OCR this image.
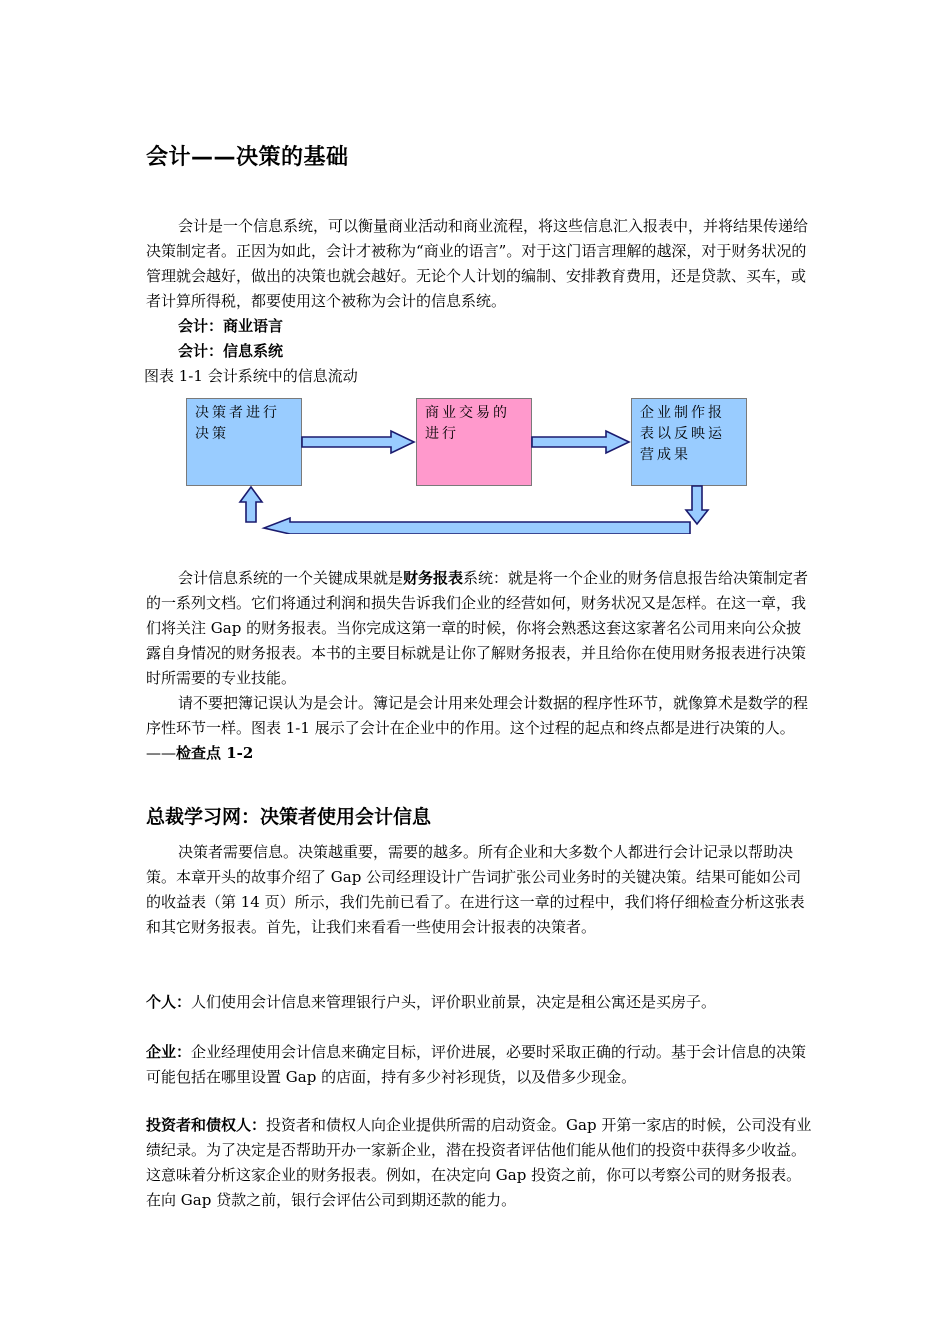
会计——决策的基础

会计是一个信息系统，可以衡量商业活动和商业流程，将这些信息汇入报表中，并将结果传递给决策制定者。正因为如此，会计才被称为“商业的语言”。对于这门语言理解的越深，对于财务状况的管理就会越好，做出的决策也就会越好。无论个人计划的编制、安排教育费用，还是贷款、买车，或者计算所得税，都要使用这个被称为会计的信息系统。

会计：商业语言

会计：信息系统

图表 1-1 会计系统中的信息流动

决策者进行决策
商业交易的进行
企业制作报表以反映运营成果

会计信息系统的一个关键成果就是财务报表系统：就是将一个企业的财务信息报告给决策制定者的一系列文档。它们将通过利润和损失告诉我们企业的经营如何，财务状况又是怎样。在这一章，我们将关注 Gap 的财务报表。当你完成这第一章的时候，你将会熟悉这套这家著名公司用来向公众披露自身情况的财务报表。本书的主要目标就是让你了解财务报表，并且给你在使用财务报表进行决策时所需要的专业技能。

请不要把簿记误认为是会计。簿记是会计用来处理会计数据的程序性环节，就像算术是数学的程序性环节一样。图表 1-1 展示了会计在企业中的作用。这个过程的起点和终点都是进行决策的人。 ——检查点 1-2

总裁学习网：决策者使用会计信息

决策者需要信息。决策越重要，需要的越多。所有企业和大多数个人都进行会计记录以帮助决策。本章开头的故事介绍了 Gap 公司经理设计广告词扩张公司业务时的关键决策。结果可能如公司的收益表（第 14 页）所示，我们先前已看了。在进行这一章的过程中，我们将仔细检查分析这张表和其它财务报表。首先，让我们来看看一些使用会计报表的决策者。

个人：人们使用会计信息来管理银行户头，评价职业前景，决定是租公寓还是买房子。

企业：企业经理使用会计信息来确定目标，评价进展，必要时采取正确的行动。基于会计信息的决策可能包括在哪里设置 Gap 的店面，持有多少衬衫现货，以及借多少现金。

投资者和债权人：投资者和债权人向企业提供所需的启动资金。Gap 开第一家店的时候，公司没有业绩纪录。为了决定是否帮助开办一家新企业，潜在投资者评估他们能从他们的投资中获得多少收益。这意味着分析这家企业的财务报表。例如，在决定向 Gap 投资之前，你可以考察公司的财务报表。在向 Gap 贷款之前，银行会评估公司到期还款的能力。
